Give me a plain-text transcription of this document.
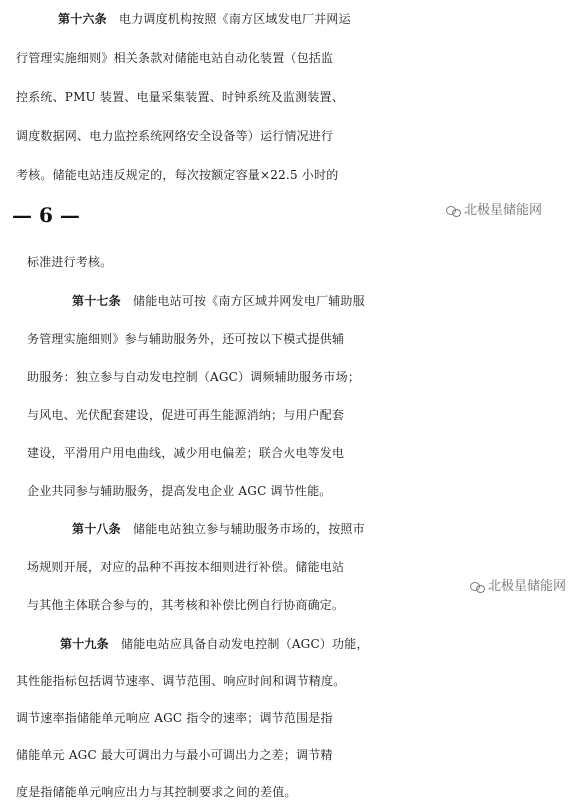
— 6 —	北极星储能网
北极星储能网
第十六条　电力调度机构按照《南方区域发电厂并网运
行管理实施细则》相关条款对储能电站自动化装置（包括监
控系统、PMU 装置、电量采集装置、时钟系统及监测装置、
调度数据网、电力监控系统网络安全设备等）运行情况进行
考核。储能电站违反规定的，每次按额定容量×22.5 小时的
标准进行考核。
第十七条　储能电站可按《南方区域并网发电厂辅助服
务管理实施细则》参与辅助服务外，还可按以下模式提供辅
助服务：独立参与自动发电控制（AGC）调频辅助服务市场；
与风电、光伏配套建设，促进可再生能源消纳；与用户配套
建设，平滑用户用电曲线，减少用电偏差；联合火电等发电
企业共同参与辅助服务，提高发电企业 AGC 调节性能。
第十八条　储能电站独立参与辅助服务市场的，按照市
场规则开展，对应的品种不再按本细则进行补偿。储能电站
与其他主体联合参与的，其考核和补偿比例自行协商确定。
第十九条　储能电站应具备自动发电控制（AGC）功能，
其性能指标包括调节速率、调节范围、响应时间和调节精度。
调节速率指储能单元响应 AGC 指令的速率；调节范围是指
储能单元 AGC 最大可调出力与最小可调出力之差；调节精
度是指储能单元响应出力与其控制要求之间的差值。
